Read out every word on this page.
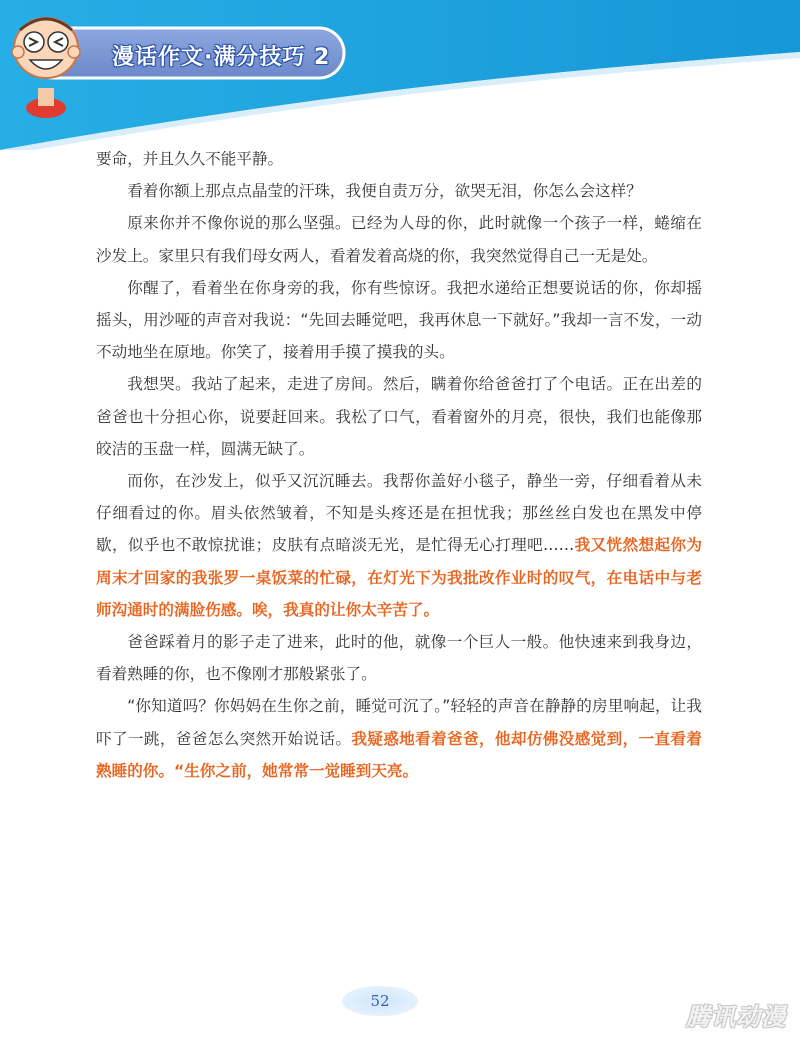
漫话作文·满分技巧 2

要命，并且久久不能平静。

看着你额上那点点晶莹的汗珠，我便自责万分，欲哭无泪，你怎么会这样？

原来你并不像你说的那么坚强。已经为人母的你，此时就像一个孩子一样，蜷缩在沙发上。家里只有我们母女两人，看着发着高烧的你，我突然觉得自己一无是处。

你醒了，看着坐在你身旁的我，你有些惊讶。我把水递给正想要说话的你，你却摇摇头，用沙哑的声音对我说：“先回去睡觉吧，我再休息一下就好。”我却一言不发，一动不动地坐在原地。你笑了，接着用手摸了摸我的头。

我想哭。我站了起来，走进了房间。然后，瞒着你给爸爸打了个电话。正在出差的爸爸也十分担心你，说要赶回来。我松了口气，看着窗外的月亮，很快，我们也能像那皎洁的玉盘一样，圆满无缺了。

而你，在沙发上，似乎又沉沉睡去。我帮你盖好小毯子，静坐一旁，仔细看着从未仔细看过的你。眉头依然皱着，不知是头疼还是在担忧我；那丝丝白发也在黑发中停歇，似乎也不敢惊扰谁；皮肤有点暗淡无光，是忙得无心打理吧……我又恍然想起你为周末才回家的我张罗一桌饭菜的忙碌，在灯光下为我批改作业时的叹气，在电话中与老师沟通时的满脸伤感。唉，我真的让你太辛苦了。

爸爸踩着月的影子走了进来，此时的他，就像一个巨人一般。他快速来到我身边，看着熟睡的你，也不像刚才那般紧张了。

“你知道吗？你妈妈在生你之前，睡觉可沉了。”轻轻的声音在静静的房里响起，让我吓了一跳，爸爸怎么突然开始说话。我疑惑地看着爸爸，他却仿佛没感觉到，一直看着熟睡的你。“生你之前，她常常一觉睡到天亮。

52
腾讯动漫
